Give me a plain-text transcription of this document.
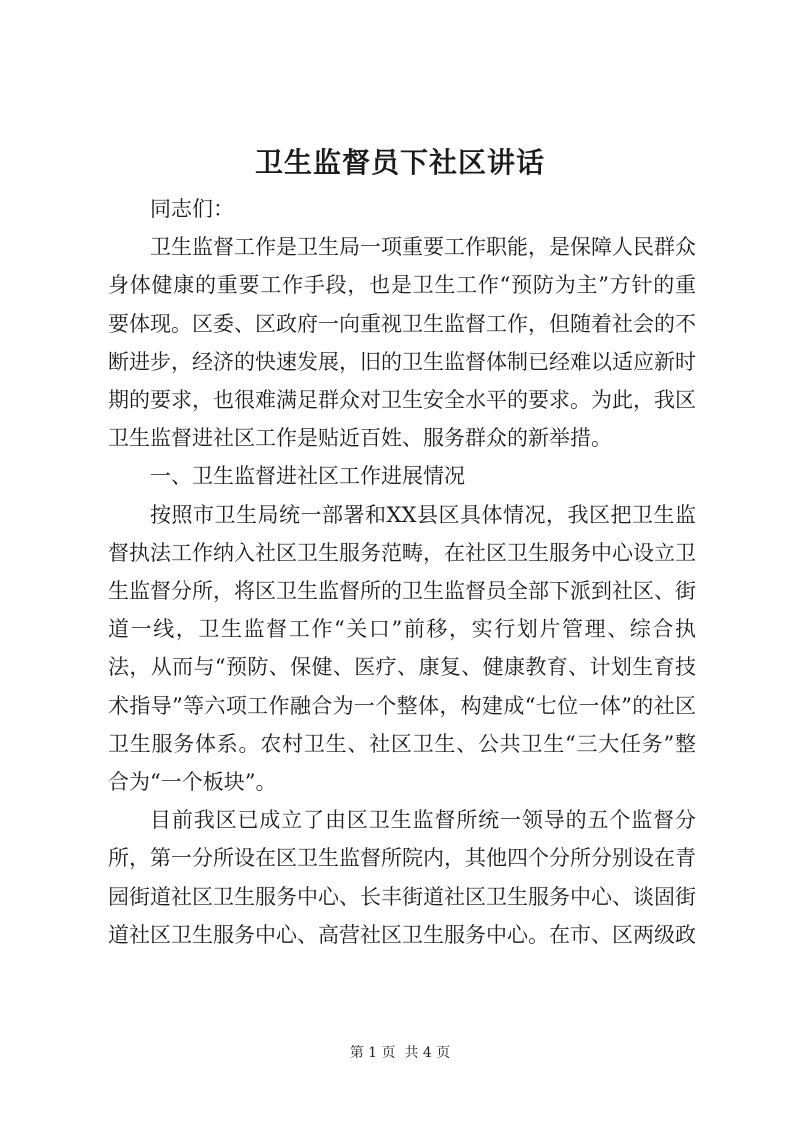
卫生监督员下社区讲话

同志们：

卫生监督工作是卫生局一项重要工作职能，是保障人民群众身体健康的重要工作手段，也是卫生工作“预防为主”方针的重要体现。区委、区政府一向重视卫生监督工作，但随着社会的不断进步，经济的快速发展，旧的卫生监督体制已经难以适应新时期的要求，也很难满足群众对卫生安全水平的要求。为此，我区卫生监督进社区工作是贴近百姓、服务群众的新举措。

一、卫生监督进社区工作进展情况

按照市卫生局统一部署和XX县区具体情况，我区把卫生监督执法工作纳入社区卫生服务范畴，在社区卫生服务中心设立卫生监督分所，将区卫生监督所的卫生监督员全部下派到社区、街道一线，卫生监督工作“关口”前移，实行划片管理、综合执法，从而与“预防、保健、医疗、康复、健康教育、计划生育技术指导”等六项工作融合为一个整体，构建成“七位一体”的社区卫生服务体系。农村卫生、社区卫生、公共卫生“三大任务”整合为“一个板块”。

目前我区已成立了由区卫生监督所统一领导的五个监督分所，第一分所设在区卫生监督所院内，其他四个分所分别设在青园街道社区卫生服务中心、长丰街道社区卫生服务中心、谈固街道社区卫生服务中心、高营社区卫生服务中心。在市、区两级政

第 1 页  共 4 页
